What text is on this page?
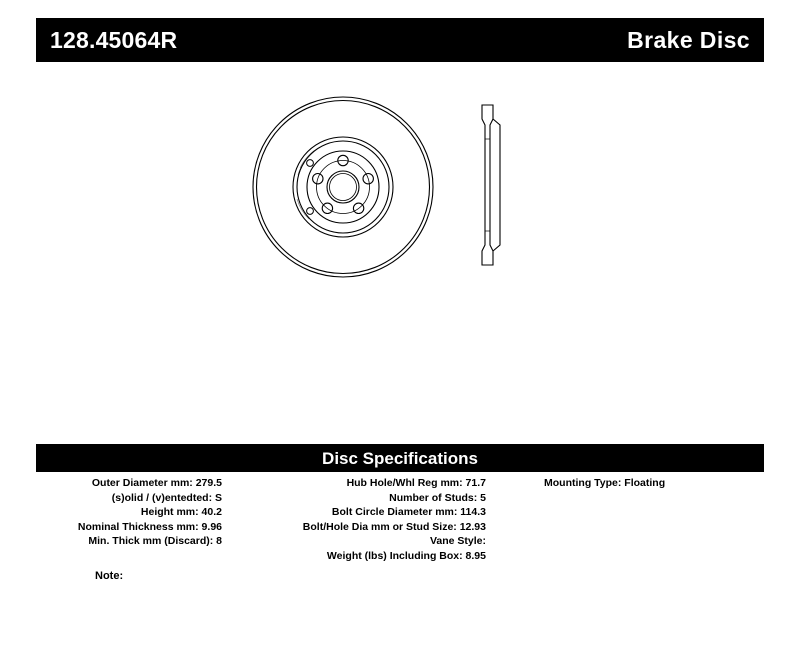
128.45064R	Brake Disc
Disc Specifications
Outer Diameter mm: 279.5
(s)olid / (v)entedted: S
Height mm: 40.2
Nominal Thickness mm: 9.96
Min. Thick mm (Discard): 8
Hub Hole/Whl Reg mm: 71.7
Number of Studs: 5
Bolt Circle Diameter mm: 114.3
Bolt/Hole Dia mm or Stud Size: 12.93
Vane Style:
Weight (lbs) Including Box: 8.95
Mounting Type: Floating
Note:
